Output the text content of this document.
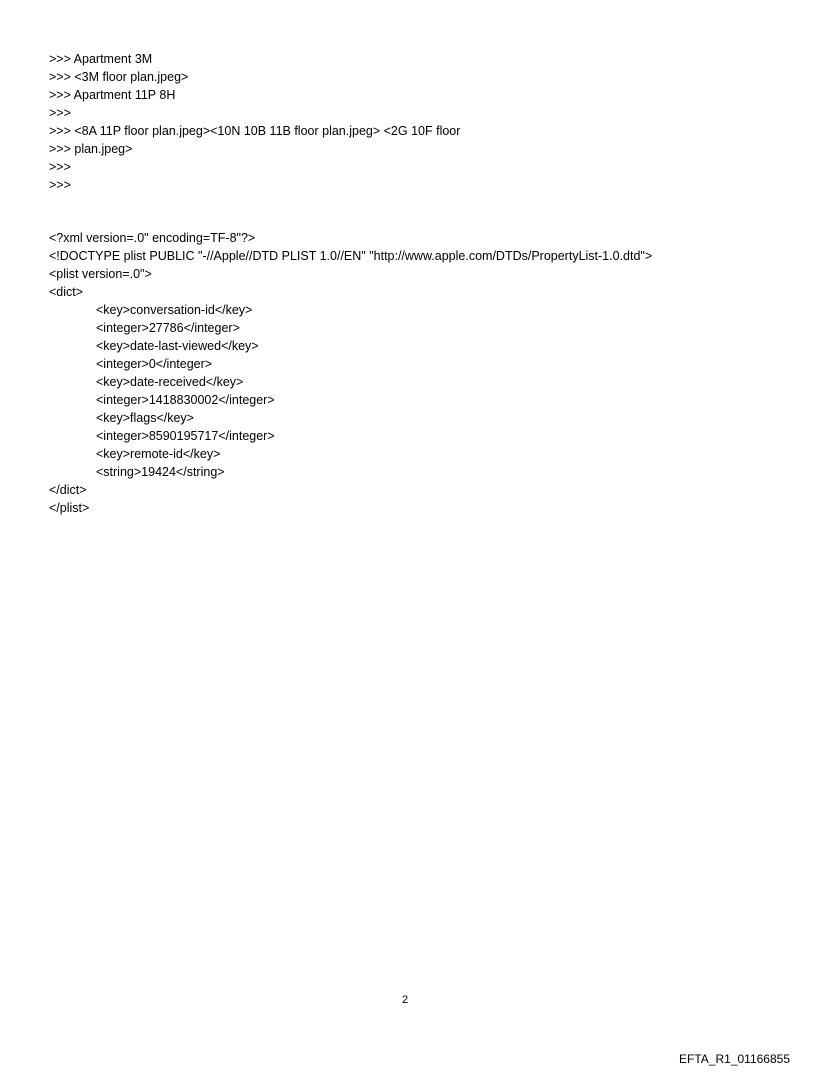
>>> Apartment 3M
>>> <3M floor plan.jpeg>
>>> Apartment 11P 8H
>>>
>>> <8A 11P floor plan.jpeg><10N 10B 11B floor plan.jpeg> <2G 10F floor
>>> plan.jpeg>
>>>
>>>
<?xml version=.0" encoding=TF-8"?>
<!DOCTYPE plist PUBLIC "-//Apple//DTD PLIST 1.0//EN" "http://www.apple.com/DTDs/PropertyList-1.0.dtd">
<plist version=.0">
<dict>
<key>conversation-id</key>
<integer>27786</integer>
<key>date-last-viewed</key>
<integer>0</integer>
<key>date-received</key>
<integer>1418830002</integer>
<key>flags</key>
<integer>8590195717</integer>
<key>remote-id</key>
<string>19424</string>
</dict>
</plist>
2
EFTA_R1_01166855
